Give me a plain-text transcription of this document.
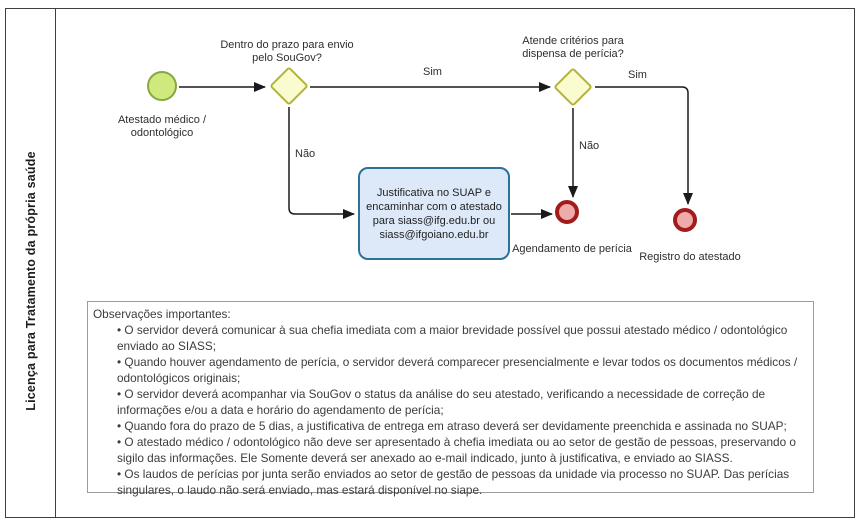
Licença para Tratamento da própria saúde	Justificativa no SUAP e encaminhar com o atestado para siass@ifg.edu.br ou siass@ifgoiano.edu.br
Dentro do prazo para envio pelo SouGov?
Atende critérios para dispensa de perícia?
Atestado médico / odontológico
Agendamento de perícia
Registro do atestado
Sim	Sim
Não
Não
Observações importantes:
• O servidor deverá comunicar à sua chefia imediata com a maior brevidade possível que possui atestado médico / odontológico enviado ao SIASS;
• Quando houver agendamento de perícia, o servidor deverá comparecer presencialmente e levar todos os documentos médicos / odontológicos originais;
• O servidor deverá acompanhar via SouGov o status da análise do seu atestado, verificando a necessidade de correção de informações e/ou a data e horário do agendamento de perícia;
• Quando fora do prazo de 5 dias, a justificativa de entrega em atraso deverá ser devidamente preenchida e assinada no SUAP;
• O atestado médico / odontológico não deve ser apresentado à chefia imediata ou ao setor de gestão de pessoas, preservando o sigilo das informações. Ele Somente deverá ser anexado ao e-mail indicado, junto à justificativa, e enviado ao SIASS.
• Os laudos de perícias por junta serão enviados ao setor de gestão de pessoas da unidade via processo no SUAP. Das perícias singulares, o laudo não será enviado, mas estará disponível no siape.
